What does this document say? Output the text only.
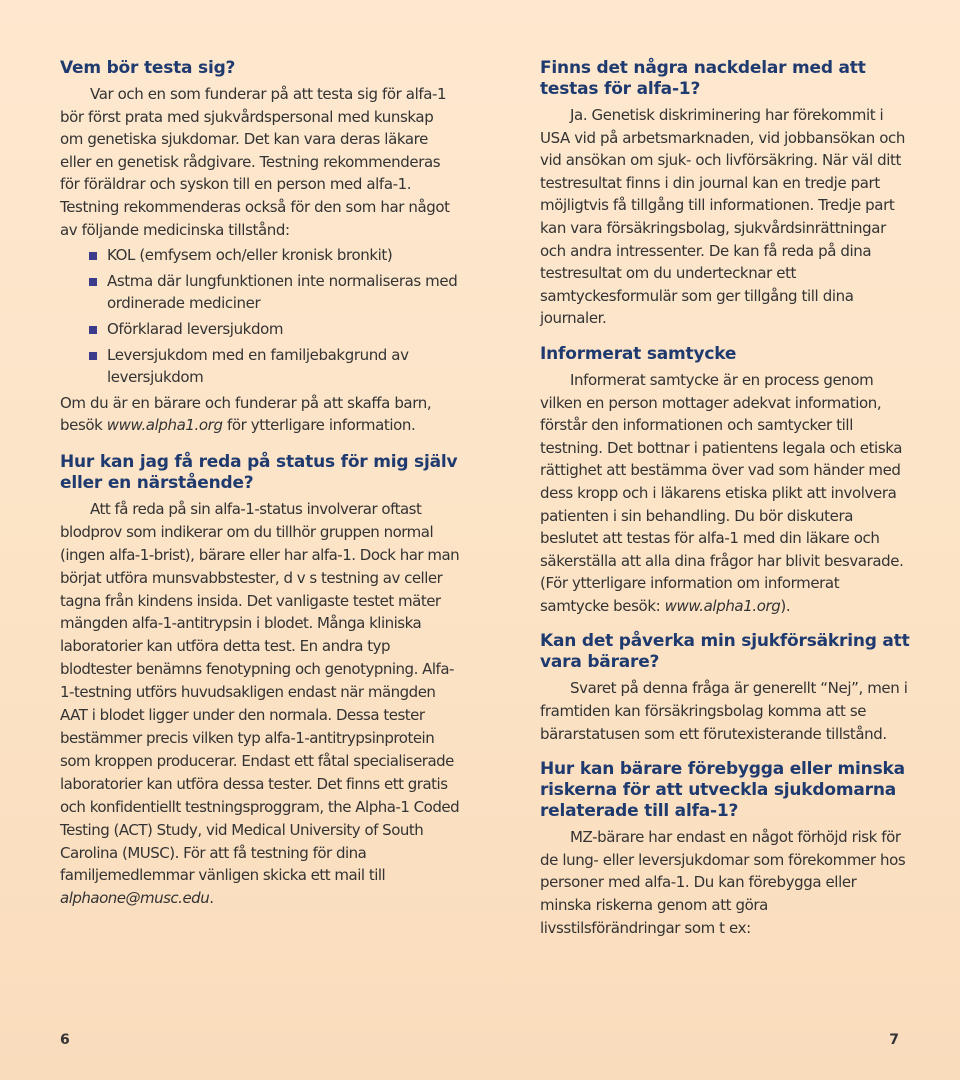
Vem bör testa sig?

Var och en som funderar på att testa sig för alfa-1 bör först prata med sjukvårdspersonal med kunskap om genetiska sjukdomar. Det kan vara deras läkare eller en genetisk rådgivare. Testning rekommenderas för föräldrar och syskon till en person med alfa-1. Testning rekommenderas också för den som har något av följande medicinska tillstånd:

KOL (emfysem och/eller kronisk bronkit)
Astma där lungfunktionen inte normaliseras med ordinerade mediciner
Oförklarad leversjukdom
Leversjukdom med en familjebakgrund av leversjukdom

Om du är en bärare och funderar på att skaffa barn, besök www.alpha1.org för ytterligare information.

Hur kan jag få reda på status för mig själv eller en närstående?

Att få reda på sin alfa-1-status involverar oftast blodprov som indikerar om du tillhör gruppen normal (ingen alfa-1-brist), bärare eller har alfa-1. Dock har man börjat utföra munsvabbstester, d v s testning av celler tagna från kindens insida. Det vanligaste testet mäter mängden alfa-1-antitrypsin i blodet. Många kliniska laboratorier kan utföra detta test. En andra typ blodtester benämns fenotypning och genotypning. Alfa-1-testning utförs huvudsakligen endast när mängden AAT i blodet ligger under den normala. Dessa tester bestämmer precis vilken typ alfa-1-antitrypsinprotein som kroppen producerar. Endast ett fåtal specialiserade laboratorier kan utföra dessa tester. Det finns ett gratis och konfidentiellt testningsproggram, the Alpha-1 Coded Testing (ACT) Study, vid Medical University of South Carolina (MUSC). För att få testning för dina familjemedlemmar vänligen skicka ett mail till alphaone@musc.edu.

Finns det några nackdelar med att testas för alfa-1?

Ja. Genetisk diskriminering har förekommit i USA vid på arbetsmarknaden, vid jobbansökan och vid ansökan om sjuk- och livförsäkring. När väl ditt testresultat finns i din journal kan en tredje part möjligtvis få tillgång till informationen. Tredje part kan vara försäkringsbolag, sjukvårdsinrättningar och andra intressenter. De kan få reda på dina testresultat om du undertecknar ett samtyckesformulär som ger tillgång till dina journaler.

Informerat samtycke

Informerat samtycke är en process genom vilken en person mottager adekvat information, förstår den informationen och samtycker till testning. Det bottnar i patientens legala och etiska rättighet att bestämma över vad som händer med dess kropp och i läkarens etiska plikt att involvera patienten i sin behandling. Du bör diskutera beslutet att testas för alfa-1 med din läkare och säkerställa att alla dina frågor har blivit besvarade. (För ytterligare information om informerat samtycke besök: www.alpha1.org).

Kan det påverka min sjukförsäkring att vara bärare?

Svaret på denna fråga är generellt “Nej”, men i framtiden kan försäkringsbolag komma att se bärarstatusen som ett förutexisterande tillstånd.

Hur kan bärare förebygga eller minska riskerna för att utveckla sjukdomarna relaterade till alfa-1?

MZ-bärare har endast en något förhöjd risk för de lung- eller leversjukdomar som förekommer hos personer med alfa-1. Du kan förebygga eller minska riskerna genom att göra livsstilsförändringar som t ex:

6	7
